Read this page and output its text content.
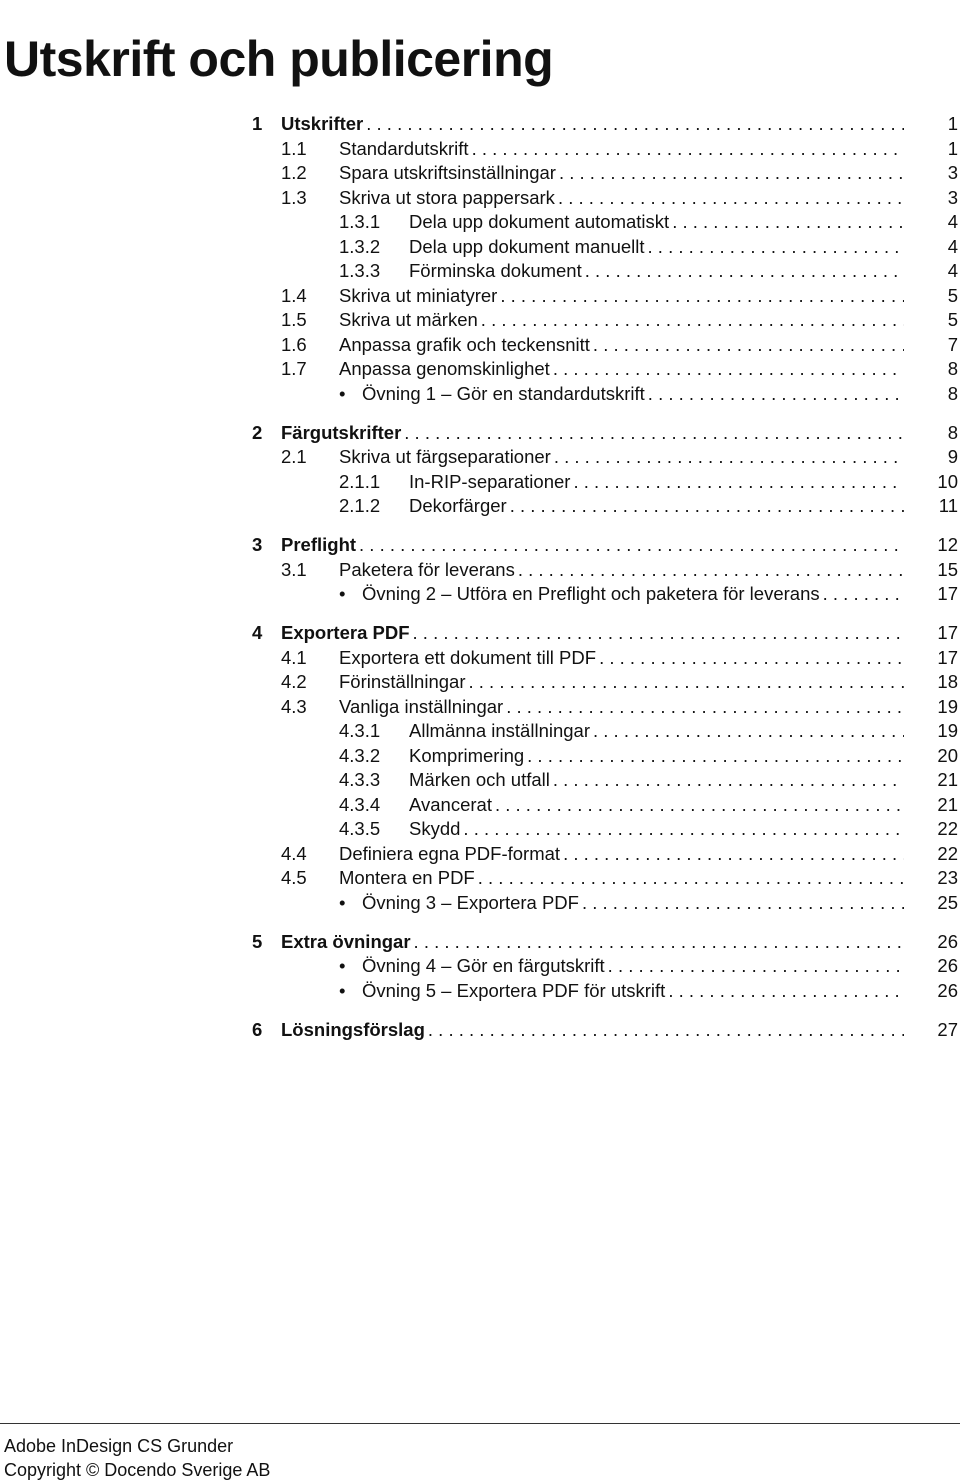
Utskrift och publicering
1	Utskrifter . . .	1
1.1	Standardutskrift . . .	1
1.2	Spara utskriftsinställningar . . .	3
1.3	Skriva ut stora pappersark . . .	3
1.3.1	Dela upp dokument automatiskt . . .	4
1.3.2	Dela upp dokument manuellt . . .	4
1.3.3	Förminska dokument . . .	4
1.4	Skriva ut miniatyrer . . .	5
1.5	Skriva ut märken . . .	5
1.6	Anpassa grafik och teckensnitt . . .	7
1.7	Anpassa genomskinlighet . . .	8
• Övning 1 – Gör en standardutskrift . . .	8
2	Färgutskrifter . . .	8
2.1	Skriva ut färgseparationer . . .	9
2.1.1	In-RIP-separationer . . .	10
2.1.2	Dekorfärger . . .	11
3	Preflight . . .	12
3.1	Paketera för leverans . . .	15
• Övning 2 – Utföra en Preflight och paketera för leverans . . .	17
4	Exportera PDF . . .	17
4.1	Exportera ett dokument till PDF . . .	17
4.2	Förinställningar . . .	18
4.3	Vanliga inställningar . . .	19
4.3.1	Allmänna inställningar . . .	19
4.3.2	Komprimering . . .	20
4.3.3	Märken och utfall . . .	21
4.3.4	Avancerat . . .	21
4.3.5	Skydd . . .	22
4.4	Definiera egna PDF-format . . .	22
4.5	Montera en PDF . . .	23
• Övning 3 – Exportera PDF . . .	25
5	Extra övningar . . .	26
• Övning 4 – Gör en färgutskrift . . .	26
• Övning 5 – Exportera PDF för utskrift . . .	26
6	Lösningsförslag . . .	27
Adobe InDesign CS Grunder
Copyright © Docendo Sverige AB
